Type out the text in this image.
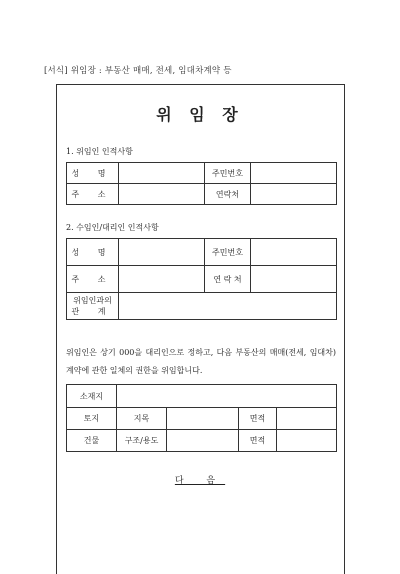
[서식] 위임장 : 부동산 매매, 전세, 임대차계약 등
위 임 장
1. 위임인 인적사항
성 명		주민번호	
주 소		연락처	
2. 수임인/대리인 인적사항
성 명		주민번호	
주 소		연 락 처	

위임인과의
관 계			

위임인은 상기 000을 대리인으로 정하고, 다음 부동산의 매매(전세, 임대차)계약에 관한 일체의 권한을 위임합니다.
소재지				
토지	지목		면적	
건물	구조/용도		면적	
다 음
